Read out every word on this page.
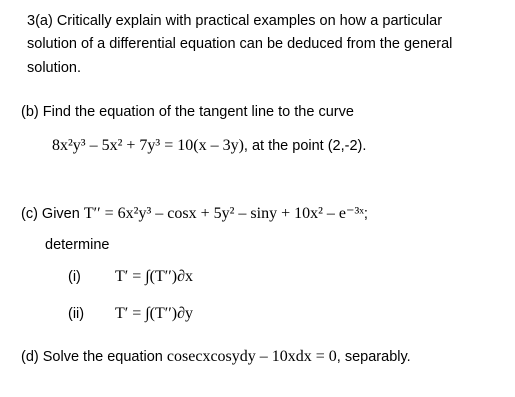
3(a) Critically explain with practical examples on how a particular
solution of a differential equation can be deduced from the general
solution.
(b) Find the equation of the tangent line to the curve
8x²y³ – 5x² + 7y³ = 10(x – 3y), at the point (2,-2).
(c) Given T′′ = 6x²y³ – cosx + 5y² – siny + 10x² – e⁻³ˣ;
determine
(i) T′ = ∫(T′′)∂x
(ii) T′ = ∫(T′′)∂y
(d) Solve the equation cosecxcosydy – 10xdx = 0, separably.
